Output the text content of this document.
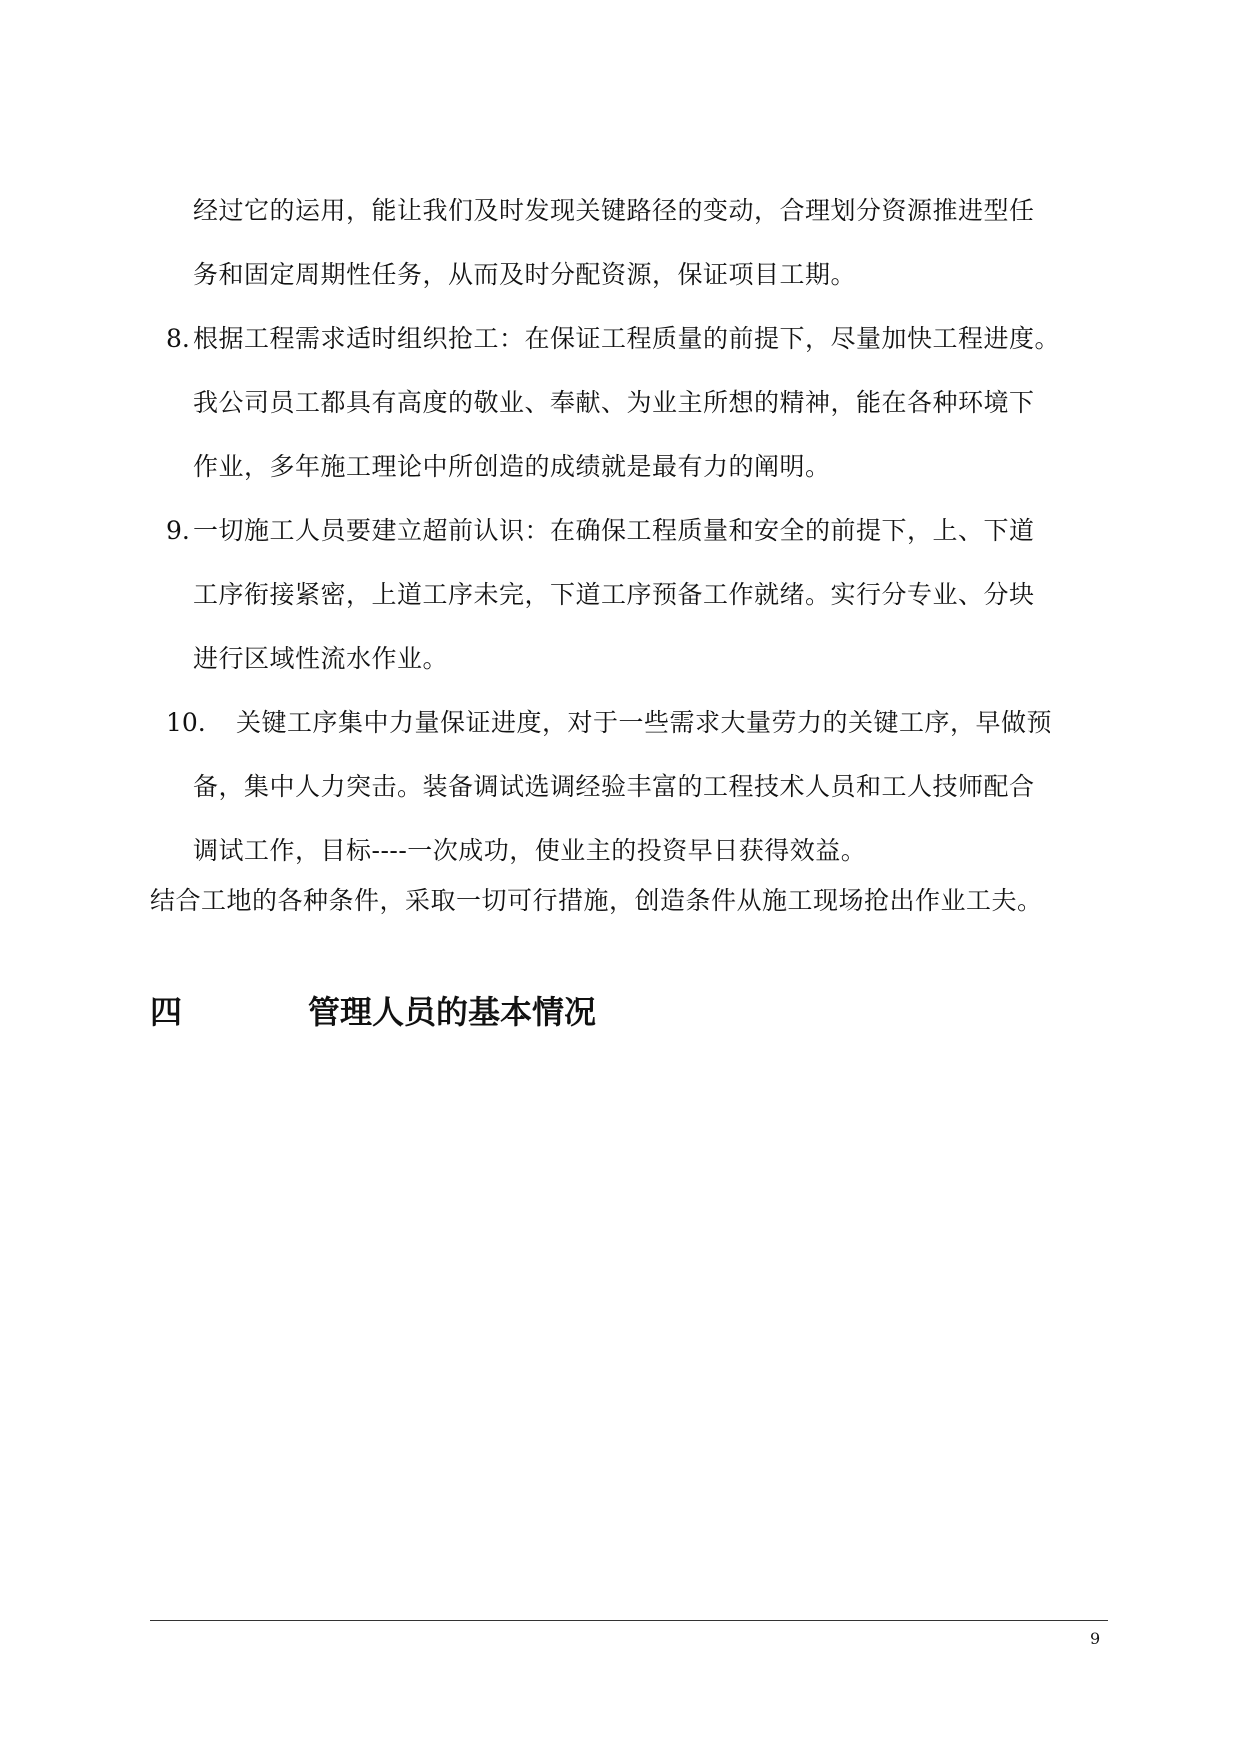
经过它的运用，能让我们及时发现关键路径的变动，合理划分资源推进型任
务和固定周期性任务，从而及时分配资源，保证项目工期。
8. 根据工程需求适时组织抢工：在保证工程质量的前提下，尽量加快工程进度。
我公司员工都具有高度的敬业、奉献、为业主所想的精神，能在各种环境下
作业，多年施工理论中所创造的成绩就是最有力的阐明。
9. 一切施工人员要建立超前认识：在确保工程质量和安全的前提下，上、下道
工序衔接紧密，上道工序未完，下道工序预备工作就绪。实行分专业、分块
进行区域性流水作业。
10. 关键工序集中力量保证进度，对于一些需求大量劳力的关键工序，早做预
备，集中人力突击。装备调试选调经验丰富的工程技术人员和工人技师配合
调试工作，目标----一次成功，使业主的投资早日获得效益。
结合工地的各种条件，采取一切可行措施，创造条件从施工现场抢出作业工夫。
四	管理人员的基本情况
9
